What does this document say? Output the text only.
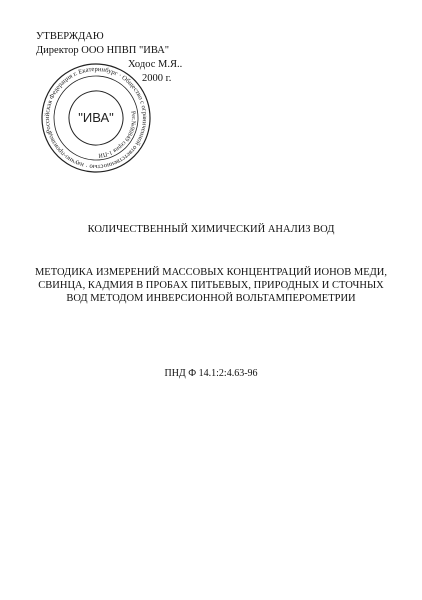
УТВЕРЖДАЮ
Директор ООО НПВП "ИВА"
Ходос М.Я..
2000 г.
Российская Федерация г. Екатеринбург · Общество с ограниченной ответственностью · научно-производственное
Рег.№00849 серия 1-ПИ
"ИВА"
КОЛИЧЕСТВЕННЫЙ ХИМИЧЕСКИЙ АНАЛИЗ ВОД
МЕТОДИКА ИЗМЕРЕНИЙ МАССОВЫХ КОНЦЕНТРАЦИЙ ИОНОВ МЕДИ,
СВИНЦА, КАДМИЯ В ПРОБАХ ПИТЬЕВЫХ, ПРИРОДНЫХ И СТОЧНЫХ
ВОД МЕТОДОМ ИНВЕРСИОННОЙ ВОЛЬТАМПЕРОМЕТРИИ
ПНД Ф 14.1:2:4.63-96
